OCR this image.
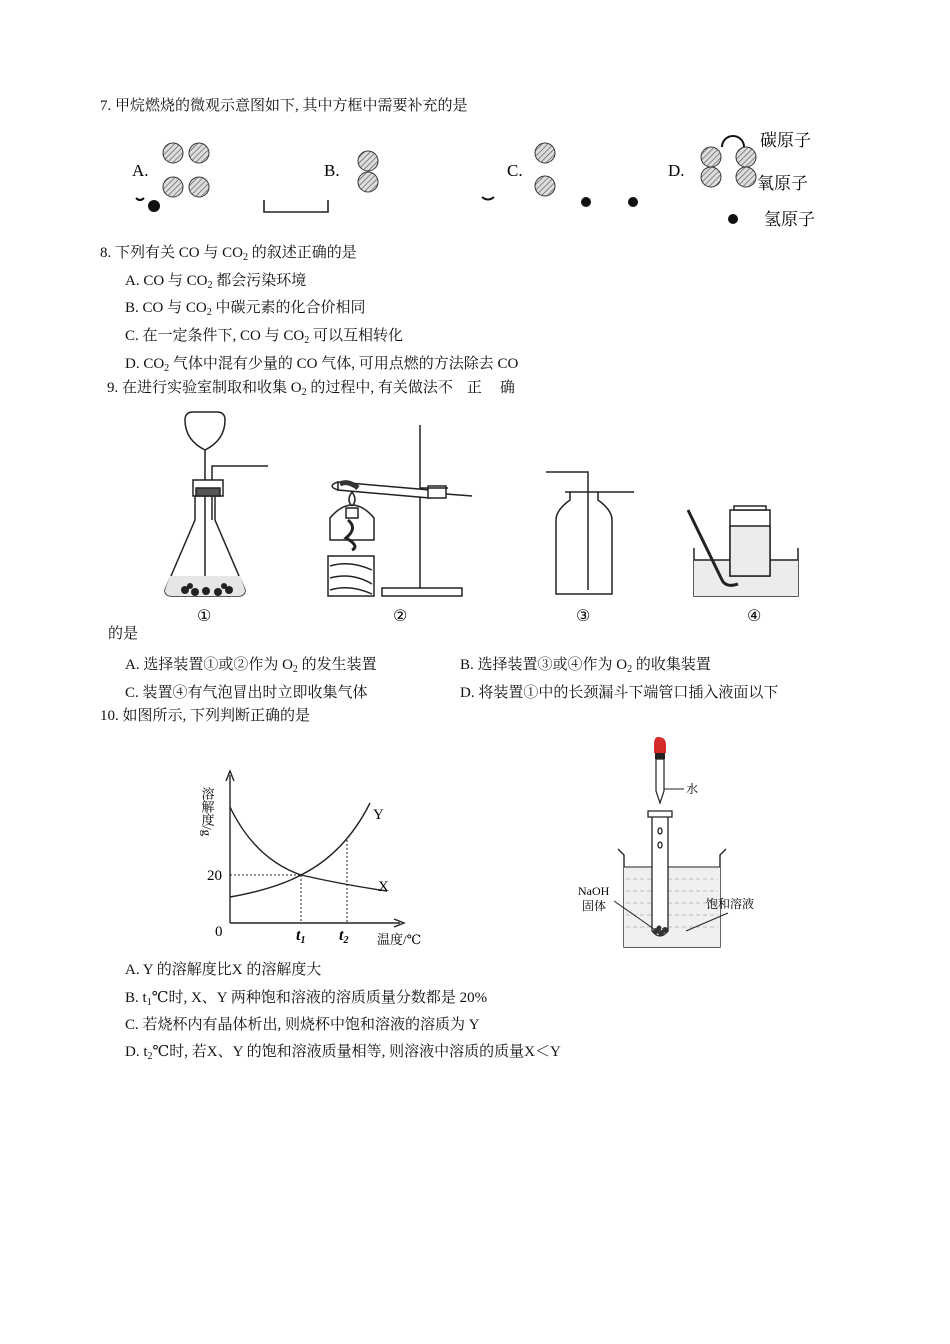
7. 甲烷燃烧的微观示意图如下, 其中方框中需要补充的是
A.	B.	C.	D.
碳原子
氧原子
氢原子
8. 下列有关 CO 与 $CO_2$ 的叙述正确的是
A. CO 与 $CO_2$ 都会污染环境
B. CO 与 $CO_2$ 中碳元素的化合价相同
C. 在一定条件下, CO 与 $CO_2$ 可以互相转化
D. $CO_2$ 气体中混有少量的 CO 气体, 可用点燃的方法除去 CO
9. 在进行实验室制取和收集 $O_2$ 的过程中, 有关做法不 正 确
①	②	③	④
的是
A. 选择装置①或②作为 $O_2$ 的发生装置	B. 选择装置③或④作为 $O_2$ 的收集装置
C. 装置④有气泡冒出时立即收集气体	D. 将装置①中的长颈漏斗下端管口插入液面以下
10. 如图所示, 下列判断正确的是
溶解度/g
0
20
t1 t2 温度/℃
Y
X
水
NaOH
固体	饱和溶液
A. Y 的溶解度比X 的溶解度大
B. $t_1℃$时, X、Y 两种饱和溶液的溶质质量分数都是 20%
C. 若烧杯内有晶体析出, 则烧杯中饱和溶液的溶质为 Y
D. $t_2℃$时, 若X、Y 的饱和溶液质量相等, 则溶液中溶质的质量X＜Y
